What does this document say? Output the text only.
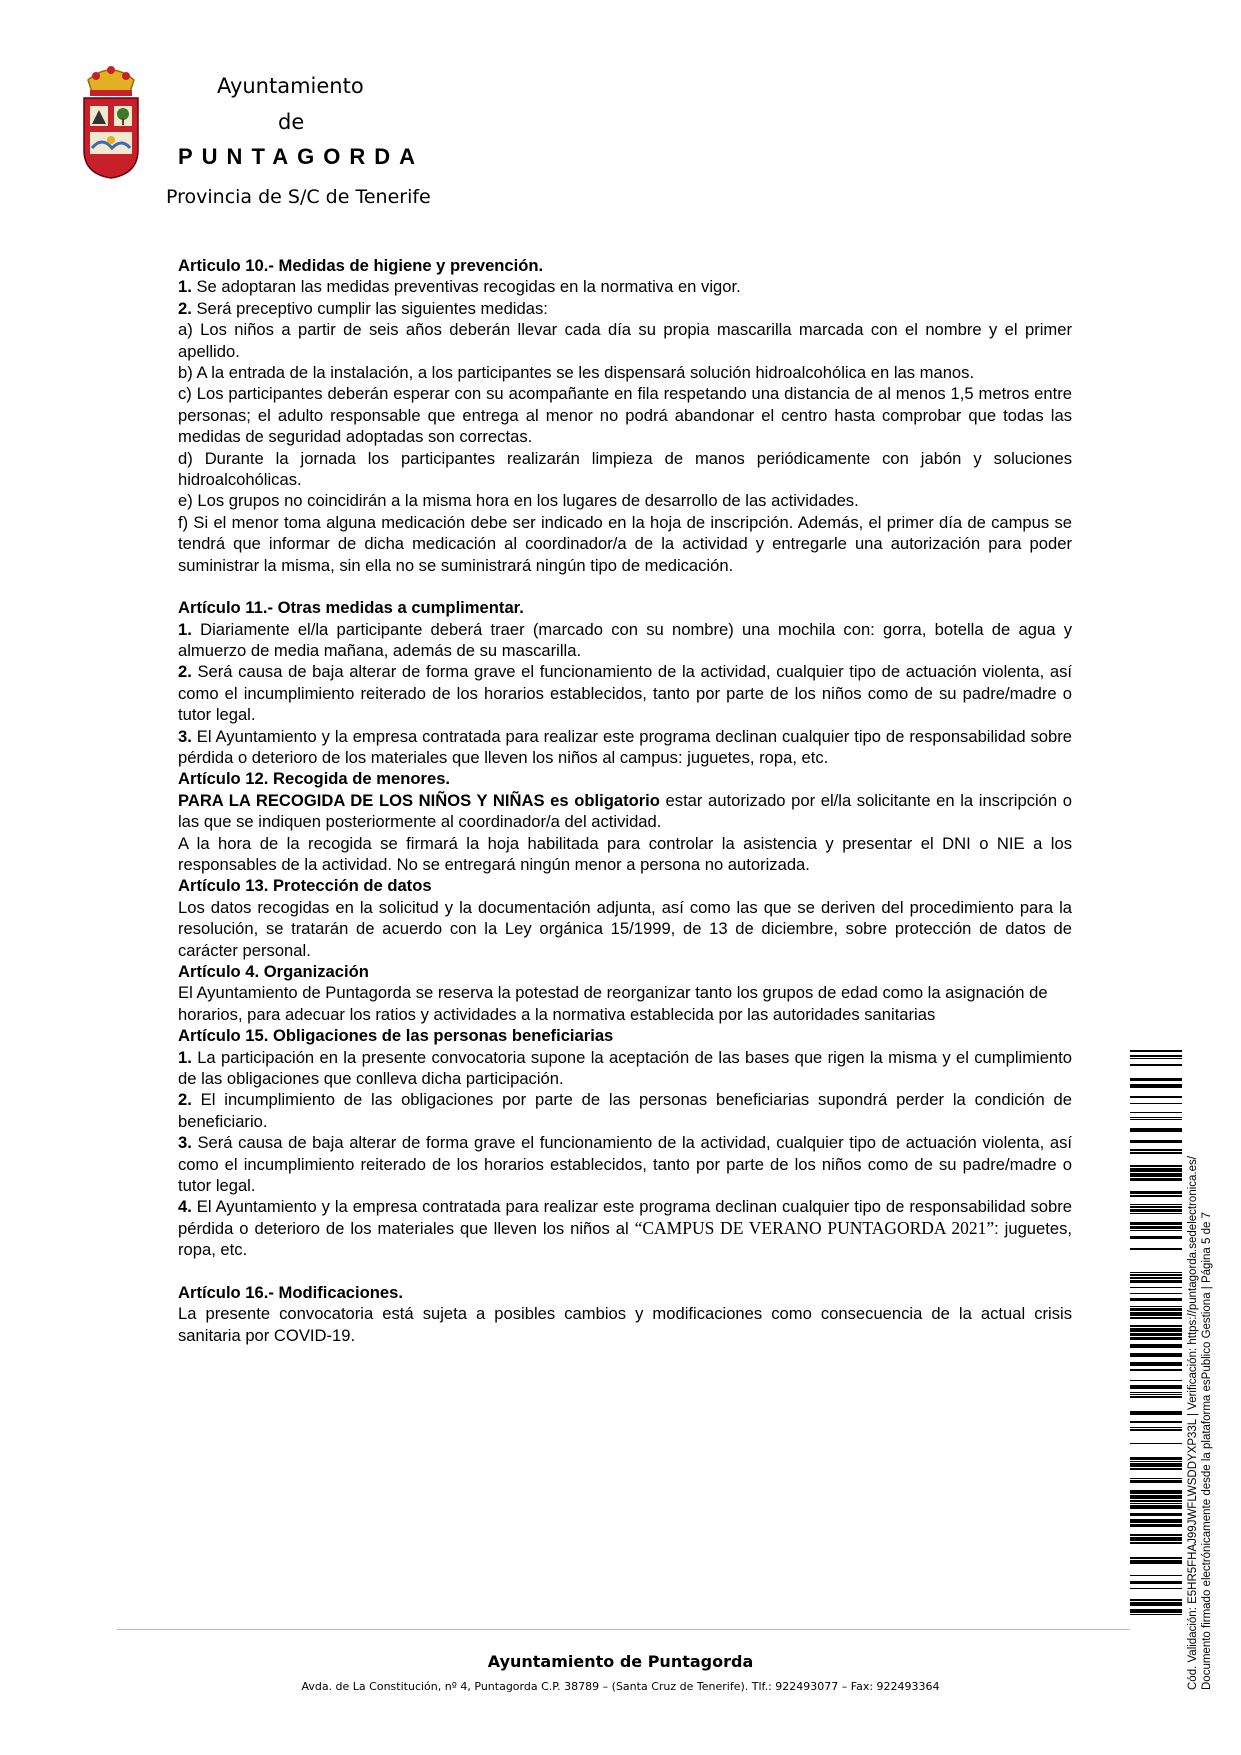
Ayuntamiento
de
PUNTAGORDA
Provincia de S/C de Tenerife

Articulo 10.- Medidas de higiene y prevención.

1. Se adoptaran las medidas preventivas recogidas en la normativa en vigor.

2. Será preceptivo cumplir las siguientes medidas:

a) Los niños a partir de seis años deberán llevar cada día su propia mascarilla marcada con el nombre y el primer apellido.

b) A la entrada de la instalación, a los participantes se les dispensará solución hidroalcohólica en las manos.

c) Los participantes deberán esperar con su acompañante en fila respetando una distancia de al menos 1,5 metros entre personas; el adulto responsable que entrega al menor no podrá abandonar el centro hasta comprobar que todas las medidas de seguridad adoptadas son correctas.

d) Durante la jornada los participantes realizarán limpieza de manos periódicamente con jabón y soluciones hidroalcohólicas.

e) Los grupos no coincidirán a la misma hora en los lugares de desarrollo de las actividades.

f) Si el menor toma alguna medicación debe ser indicado en la hoja de inscripción. Además, el primer día de campus se tendrá que informar de dicha medicación al coordinador/a de la actividad y entregarle una autorización para poder suministrar la misma, sin ella no se suministrará ningún tipo de medicación.

Artículo 11.- Otras medidas a cumplimentar.

1. Diariamente el/la participante deberá traer (marcado con su nombre) una mochila con: gorra, botella de agua y almuerzo de media mañana, además de su mascarilla.

2. Será causa de baja alterar de forma grave el funcionamiento de la actividad, cualquier tipo de actuación violenta, así como el incumplimiento reiterado de los horarios establecidos, tanto por parte de los niños como de su padre/madre o tutor legal.

3. El Ayuntamiento y la empresa contratada para realizar este programa declinan cualquier tipo de responsabilidad sobre pérdida o deterioro de los materiales que lleven los niños al campus: juguetes, ropa, etc.

Artículo 12. Recogida de menores.

PARA LA RECOGIDA DE LOS NIÑOS Y NIÑAS es obligatorio estar autorizado por el/la solicitante en la inscripción o las que se indiquen posteriormente al coordinador/a del actividad.

A la hora de la recogida se firmará la hoja habilitada para controlar la asistencia y presentar el DNI o NIE a los responsables de la actividad. No se entregará ningún menor a persona no autorizada.

Artículo 13. Protección de datos

Los datos recogidas en la solicitud y la documentación adjunta, así como las que se deriven del procedimiento para la resolución, se tratarán de acuerdo con la Ley orgánica 15/1999, de 13 de diciembre, sobre protección de datos de carácter personal.

Artículo 4. Organización

El Ayuntamiento de Puntagorda se reserva la potestad de reorganizar tanto los grupos de edad como la asignación de horarios, para adecuar los ratios y actividades a la normativa establecida por las autoridades sanitarias

Artículo 15. Obligaciones de las personas beneficiarias

1. La participación en la presente convocatoria supone la aceptación de las bases que rigen la misma y el cumplimiento de las obligaciones que conlleva dicha participación.

2. El incumplimiento de las obligaciones por parte de las personas beneficiarias supondrá perder la condición de beneficiario.

3. Será causa de baja alterar de forma grave el funcionamiento de la actividad, cualquier tipo de actuación violenta, así como el incumplimiento reiterado de los horarios establecidos, tanto por parte de los niños como de su padre/madre o tutor legal.

4. El Ayuntamiento y la empresa contratada para realizar este programa declinan cualquier tipo de responsabilidad sobre pérdida o deterioro de los materiales que lleven los niños al “CAMPUS DE VERANO PUNTAGORDA 2021”: juguetes, ropa, etc.

Artículo 16.- Modificaciones.

La presente convocatoria está sujeta a posibles cambios y modificaciones como consecuencia de la actual crisis sanitaria por COVID-19.

Ayuntamiento de Puntagorda
Avda. de La Constitución, nº 4, Puntagorda C.P. 38789 – (Santa Cruz de Tenerife). Tlf.: 922493077 – Fax: 922493364	Cód. Validación: E5HR5FHAJ99JWFLWSDDYXP33L | Verificación: https://puntagorda.sedelectronica.es/ Documento firmado electrónicamente desde la plataforma esPublico Gestiona | Página 5 de 7
